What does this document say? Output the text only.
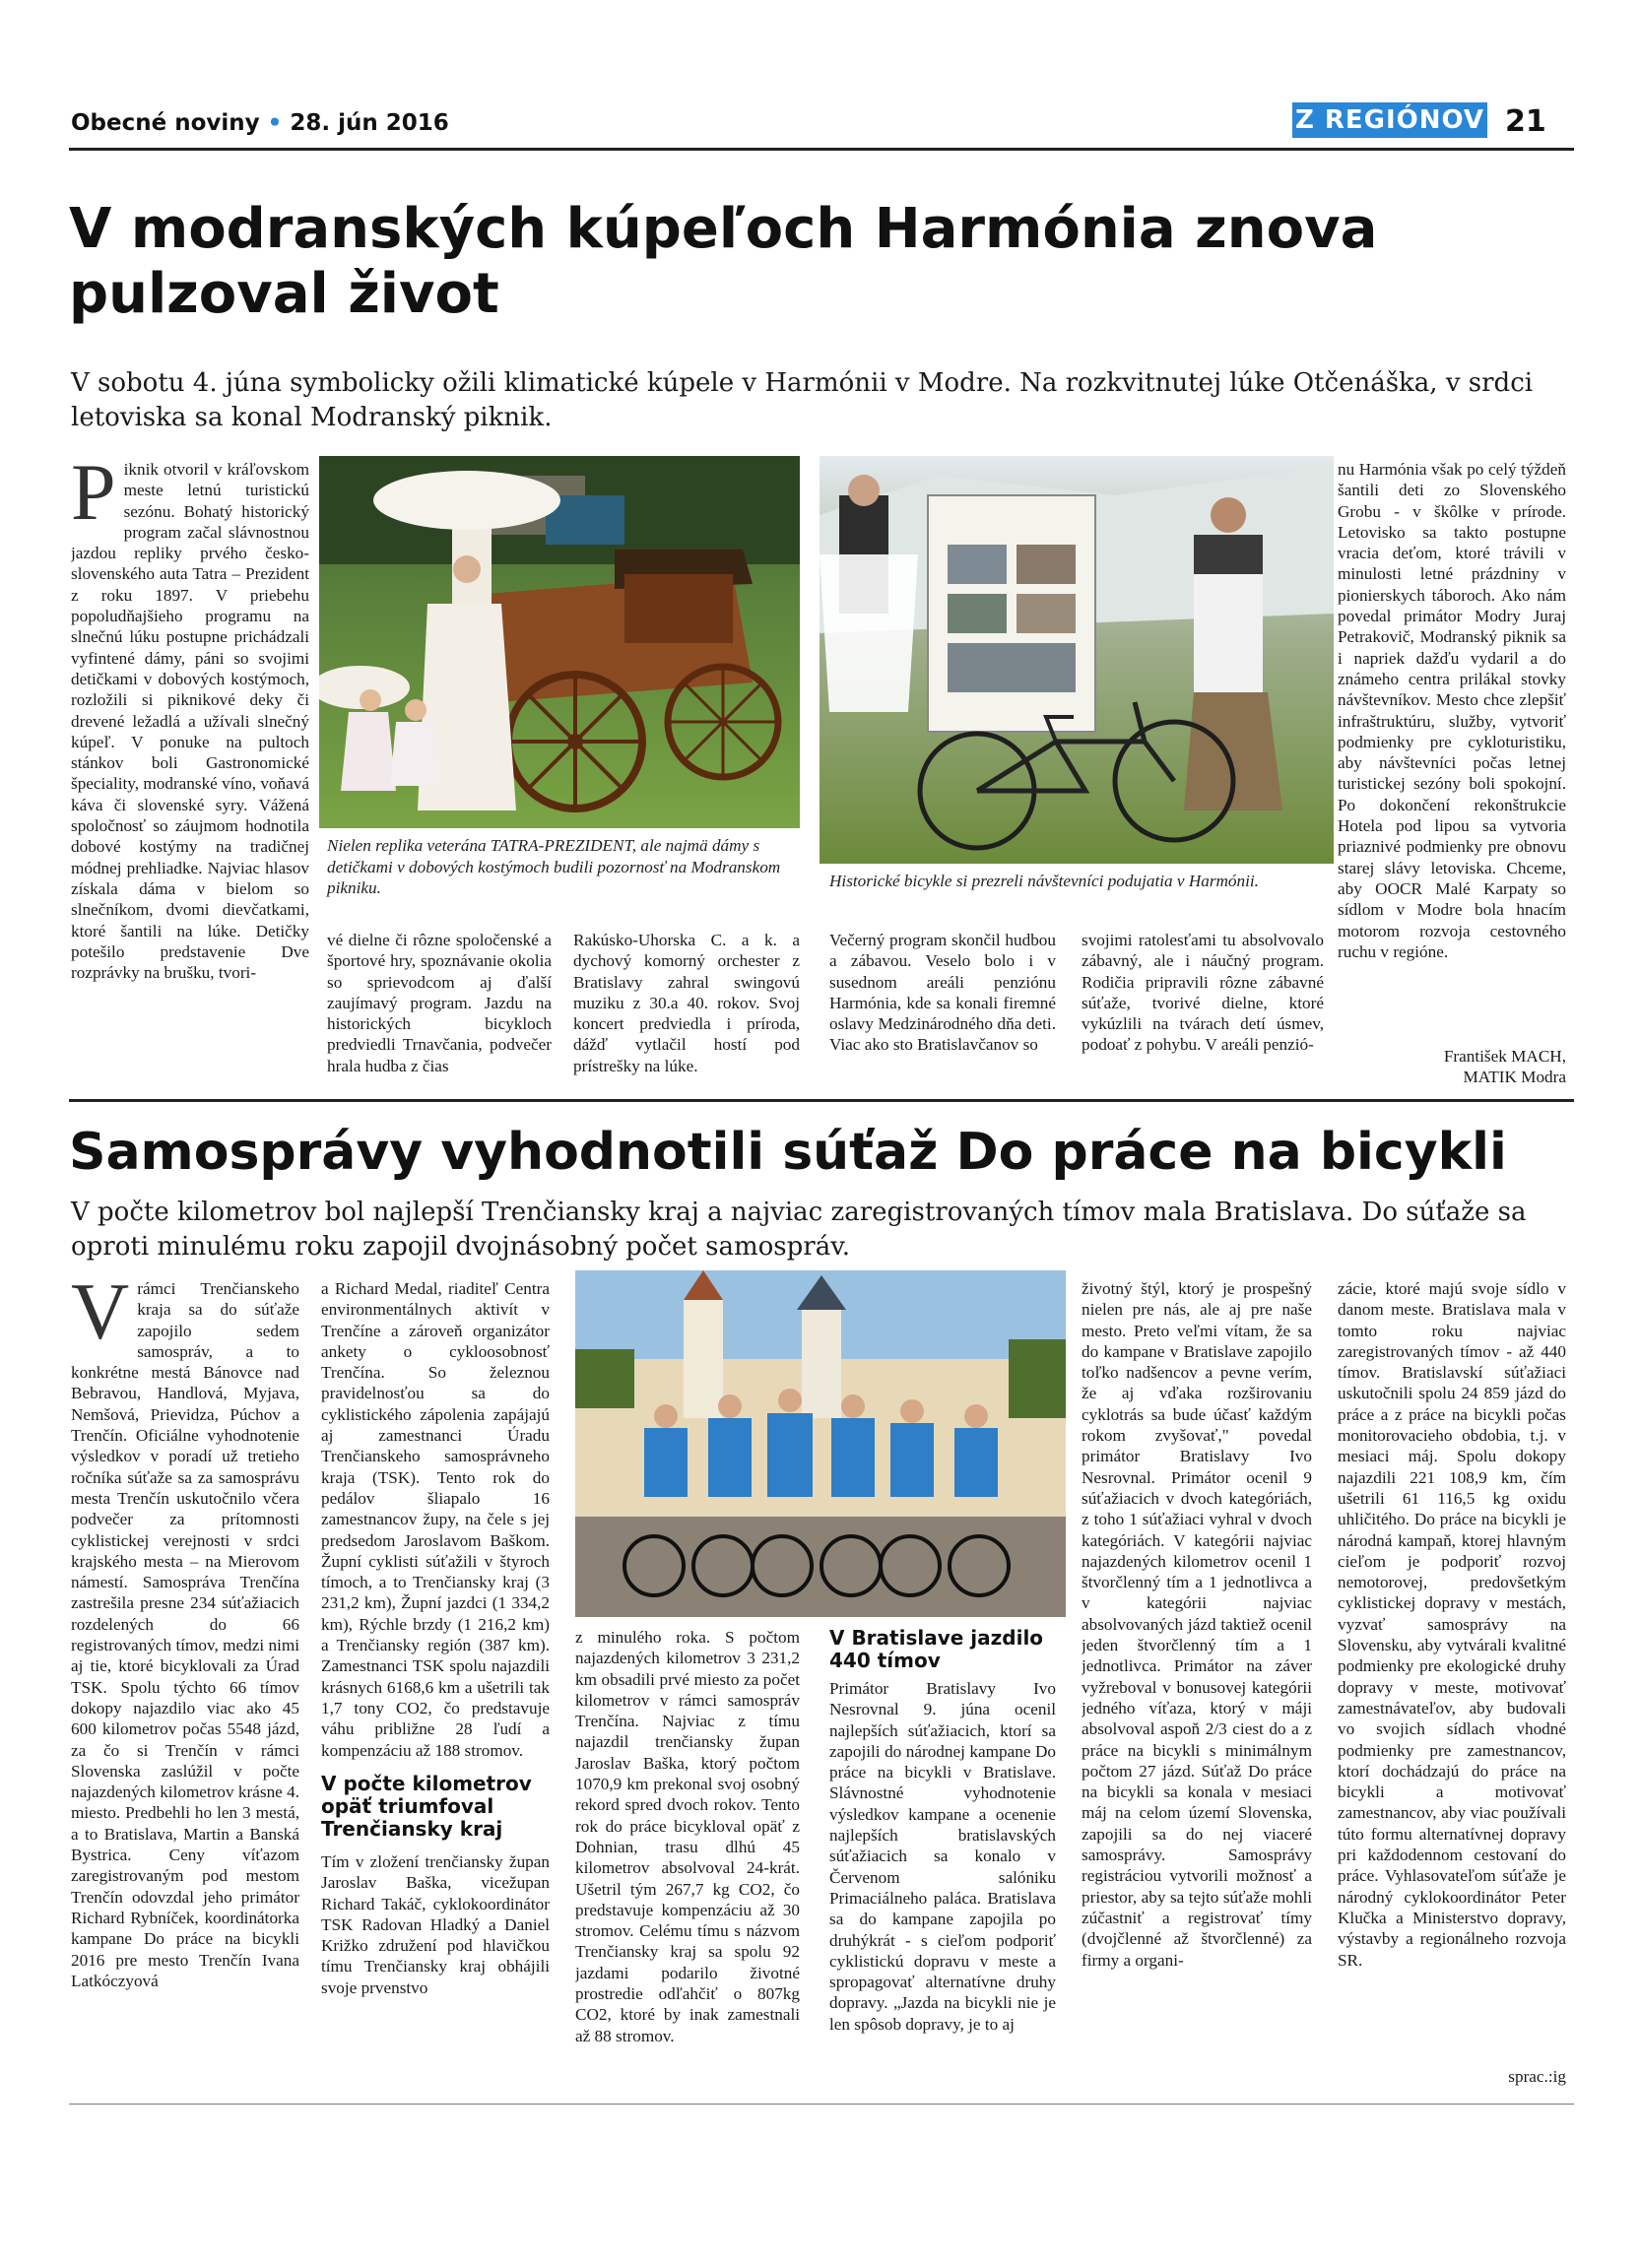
Obecné noviny • 28. jún 2016	Z REGIÓNOV 21
V modranských kúpeľoch Harmónia znova pulzoval život
V sobotu 4. júna symbolicky ožili klimatické kúpele v Harmónii v Modre. Na rozkvitnutej lúke Otčenáška, v srdci letoviska sa konal Modranský piknik.
Piknik otvoril v kráľovskom meste letnú turistickú sezónu. Bohatý historický program začal slávnostnou jazdou repliky prvého česko-slovenského auta Tatra – Prezident z roku 1897. V priebehu popoludňajšieho programu na slnečnú lúku postupne prichádzali vyfintené dámy, páni so svojimi detičkami v dobových kostýmoch, rozložili si piknikové deky či drevené ležadlá a užívali slnečný kúpeľ. V ponuke na pultoch stánkov boli Gastronomické špeciality, modranské víno, voňavá káva či slovenské syry. Vážená spoločnosť so záujmom hodnotila dobové kostýmy na tradičnej módnej prehliadke. Najviac hlasov získala dáma v bielom so slnečníkom, dvomi dievčatkami, ktoré šantili na lúke. Detičky potešilo predstavenie Dve rozprávky na brušku, tvori-
Nielen replika veterána TATRA-PREZIDENT, ale najmä dámy s detičkami v dobových kostýmoch budili pozornosť na Modranskom pikniku.	Historické bicykle si prezreli návštevníci podujatia v Harmónii.
vé dielne či rôzne spoločenské a športové hry, spoznávanie okolia so sprievodcom aj ďalší zaujímavý program. Jazdu na historických bicykloch predviedli Trnavčania, podvečer hrala hudba z čias
Rakúsko-Uhorska C. a k. a dychový komorný orchester z Bratislavy zahral swingovú muziku z 30.a 40. rokov. Svoj koncert predviedla i príroda, dážď vytlačil hostí pod prístrešky na lúke.
Večerný program skončil hudbou a zábavou. Veselo bolo i v susednom areáli penziónu Harmónia, kde sa konali firemné oslavy Medzinárodného dňa deti. Viac ako sto Bratislavčanov so
svojimi ratolesťami tu absolvovalo zábavný, ale i náučný program. Rodičia pripravili rôzne zábavné súťaže, tvorivé dielne, ktoré vykúzlili na tvárach detí úsmev, podoať z pohybu. V areáli penzió-
nu Harmónia však po celý týždeň šantili deti zo Slovenského Grobu - v škôlke v prírode. Letovisko sa takto postupne vracia deťom, ktoré trávili v minulosti letné prázdniny v pionierskych táboroch. Ako nám povedal primátor Modry Juraj Petrakovič, Modranský piknik sa i napriek dažďu vydaril a do známeho centra prilákal stovky návštevníkov. Mesto chce zlepšiť infraštruktúru, služby, vytvoriť podmienky pre cykloturistiku, aby návštevníci počas letnej turistickej sezóny boli spokojní. Po dokončení rekonštrukcie Hotela pod lipou sa vytvoria priaznivé podmienky pre obnovu starej slávy letoviska. Chceme, aby OOCR Malé Karpaty so sídlom v Modre bola hnacím motorom rozvoja cestovného ruchu v regióne.
František MACH,
MATIK Modra
Samosprávy vyhodnotili súťaž Do práce na bicykli
V počte kilometrov bol najlepší Trenčiansky kraj a najviac zaregistrovaných tímov mala Bratislava. Do súťaže sa oproti minulému roku zapojil dvojnásobný počet samospráv.
Vrámci Trenčianskeho kraja sa do súťaže zapojilo sedem samospráv, a to konkrétne mestá Bánovce nad Bebravou, Handlová, Myjava, Nemšová, Prievidza, Púchov a Trenčín. Oficiálne vyhodnotenie výsledkov v poradí už tretieho ročníka súťaže sa za samosprávu mesta Trenčín uskutočnilo včera podvečer za prítomnosti cyklistickej verejnosti v srdci krajského mesta – na Mierovom námestí. Samospráva Trenčína zastrešila presne 234 súťažiacich rozdelených do 66 registrovaných tímov, medzi nimi aj tie, ktoré bicyklovali za Úrad TSK. Spolu týchto 66 tímov dokopy najazdilo viac ako 45 600 kilometrov počas 5548 jázd, za čo si Trenčín v rámci Slovenska zaslúžil v počte najazdených kilometrov krásne 4. miesto. Predbehli ho len 3 mestá, a to Bratislava, Martin a Banská Bystrica. Ceny víťazom zaregistrovaným pod mestom Trenčín odovzdal jeho primátor Richard Rybníček, koordinátorka kampane Do práce na bicykli 2016 pre mesto Trenčín Ivana Latkóczyová
a Richard Medal, riaditeľ Centra environmentálnych aktivít v Trenčíne a zároveň organizátor ankety o cykloosobnosť Trenčína. So železnou pravidelnosťou sa do cyklistického zápolenia zapájajú aj zamestnanci Úradu Trenčianskeho samosprávneho kraja (TSK). Tento rok do pedálov šliapalo 16 zamestnancov župy, na čele s jej predsedom Jaroslavom Baškom. Župní cyklisti súťažili v štyroch tímoch, a to Trenčiansky kraj (3 231,2 km), Župní jazdci (1 334,2 km), Rýchle brzdy (1 216,2 km) a Trenčiansky región (387 km). Zamestnanci TSK spolu najazdili krásnych 6168,6 km a ušetrili tak 1,7 tony CO2, čo predstavuje váhu približne 28 ľudí a kompenzáciu až 188 stromov.
V počte kilometrov opäť triumfoval Trenčiansky kraj
Tím v zložení trenčiansky župan Jaroslav Baška, vicežupan Richard Takáč, cyklokoordinátor TSK Radovan Hladký a Daniel Križko združení pod hlavičkou tímu Trenčiansky kraj obhájili svoje prvenstvo
z minulého roka. S počtom najazdených kilometrov 3 231,2 km obsadili prvé miesto za počet kilometrov v rámci samospráv Trenčína. Najviac z tímu najazdil trenčiansky župan Jaroslav Baška, ktorý počtom 1070,9 km prekonal svoj osobný rekord spred dvoch rokov. Tento rok do práce bicykloval opäť z Dohnian, trasu dlhú 45 kilometrov absolvoval 24-krát. Ušetril tým 267,7 kg CO2, čo predstavuje kompenzáciu až 30 stromov. Celému tímu s názvom Trenčiansky kraj sa spolu 92 jazdami podarilo životné prostredie odľahčiť o 807kg CO2, ktoré by inak zamestnali až 88 stromov.
V Bratislave jazdilo 440 tímov
Primátor Bratislavy Ivo Nesrovnal 9. júna ocenil najlepších súťažiacich, ktorí sa zapojili do národnej kampane Do práce na bicykli v Bratislave. Slávnostné vyhodnotenie výsledkov kampane a ocenenie najlepších bratislavských súťažiacich sa konalo v Červenom salóniku Primaciálneho paláca. Bratislava sa do kampane zapojila po druhýkrát - s cieľom podporiť cyklistickú dopravu v meste a spropagovať alternatívne druhy dopravy. „Jazda na bicykli nie je len spôsob dopravy, je to aj
životný štýl, ktorý je prospešný nielen pre nás, ale aj pre naše mesto. Preto veľmi vítam, že sa do kampane v Bratislave zapojilo toľko nadšencov a pevne verím, že aj vďaka rozširovaniu cyklotrás sa bude účasť každým rokom zvyšovať," povedal primátor Bratislavy Ivo Nesrovnal. Primátor ocenil 9 súťažiacich v dvoch kategóriách, z toho 1 súťažiaci vyhral v dvoch kategóriách. V kategórii najviac najazdených kilometrov ocenil 1 štvorčlenný tím a 1 jednotlivca a v kategórii najviac absolvovaných jázd taktiež ocenil jeden štvorčlenný tím a 1 jednotlivca. Primátor na záver vyžreboval v bonusovej kategórii jedného víťaza, ktorý v máji absolvoval aspoň 2/3 ciest do a z práce na bicykli s minimálnym počtom 27 jázd. Súťaž Do práce na bicykli sa konala v mesiaci máj na celom území Slovenska, zapojili sa do nej viaceré samosprávy. Samosprávy registráciou vytvorili možnosť a priestor, aby sa tejto súťaže mohli zúčastniť a registrovať tímy (dvojčlenné až štvorčlenné) za firmy a organi-
zácie, ktoré majú svoje sídlo v danom meste. Bratislava mala v tomto roku najviac zaregistrovaných tímov - až 440 tímov. Bratislavskí súťažiaci uskutočnili spolu 24 859 jázd do práce a z práce na bicykli počas monitorovacieho obdobia, t.j. v mesiaci máj. Spolu dokopy najazdili 221 108,9 km, čím ušetrili 61 116,5 kg oxidu uhličitého. Do práce na bicykli je národná kampaň, ktorej hlavným cieľom je podporiť rozvoj nemotorovej, predovšetkým cyklistickej dopravy v mestách, vyzvať samosprávy na Slovensku, aby vytvárali kvalitné podmienky pre ekologické druhy dopravy v meste, motivovať zamestnávateľov, aby budovali vo svojich sídlach vhodné podmienky pre zamestnancov, ktorí dochádzajú do práce na bicykli a motivovať zamestnancov, aby viac používali túto formu alternatívnej dopravy pri každodennom cestovaní do práce. Vyhlasovateľom súťaže je národný cyklokoordinátor Peter Klučka a Ministerstvo dopravy, výstavby a regionálneho rozvoja SR.
sprac.:ig
